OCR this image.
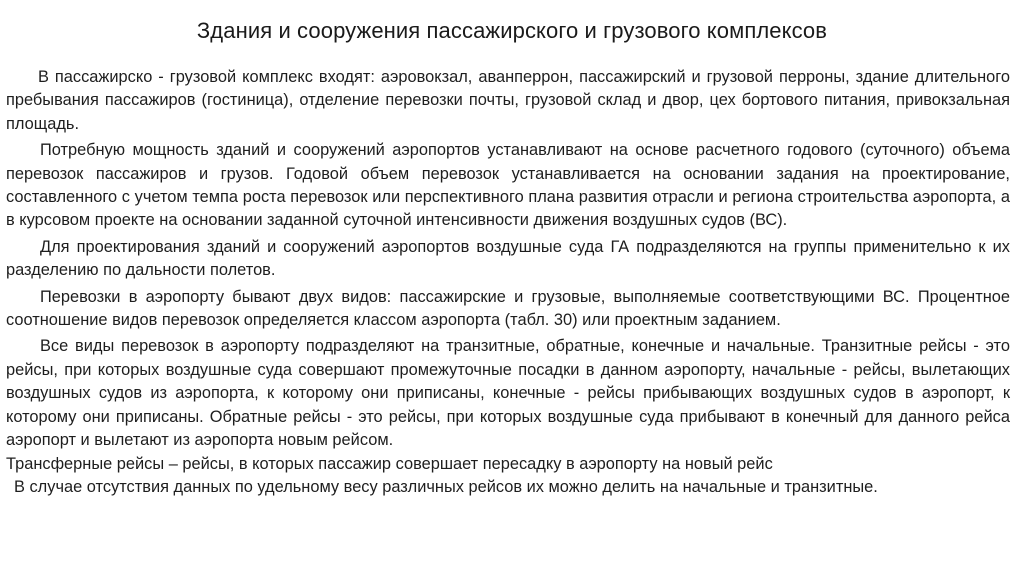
Здания и сооружения пассажирского и грузового комплексов

В пассажирско - грузовой комплекс входят: аэровокзал, аванперрон, пассажирский и грузовой перроны, здание длительного пребывания пассажиров (гостиница), отделение перевозки почты, грузовой склад и двор, цех бортового питания, привокзальная площадь.

Потребную мощность зданий и сооружений аэропортов устанавливают на основе расчетного годового (суточного) объема перевозок пассажиров и грузов. Годовой объем перевозок устанавливается на основании задания на проектирование, составленного с учетом темпа роста перевозок или перспективного плана развития отрасли и региона строительства аэропорта, а в курсовом проекте на основании заданной суточной интенсивности движения воздушных судов (ВС).

Для проектирования зданий и сооружений аэропортов воздушные суда ГА подразделяются на группы применительно к их разделению по дальности полетов.

Перевозки в аэропорту бывают двух видов: пассажирские и грузовые, выполняемые соответствующими ВС. Процентное соотношение видов перевозок определяется классом аэропорта (табл. 30) или проектным заданием.

Все виды перевозок в аэропорту подразделяют на транзитные, обратные, конечные и начальные. Транзитные рейсы - это рейсы, при которых воздушные суда совершают промежуточные посадки в данном аэропорту, начальные - рейсы, вылетающих воздушных судов из аэропорта, к которому они приписаны, конечные - рейсы прибывающих воздушных судов в аэропорт, к которому они приписаны. Обратные рейсы - это рейсы, при которых воздушные суда прибывают в конечный для данного рейса аэропорт и вылетают из аэропорта новым рейсом.

Трансферные рейсы – рейсы, в которых пассажир совершает пересадку в аэропорту на новый рейс

В случае отсутствия данных по удельному весу различных рейсов их можно делить на начальные и транзитные.
